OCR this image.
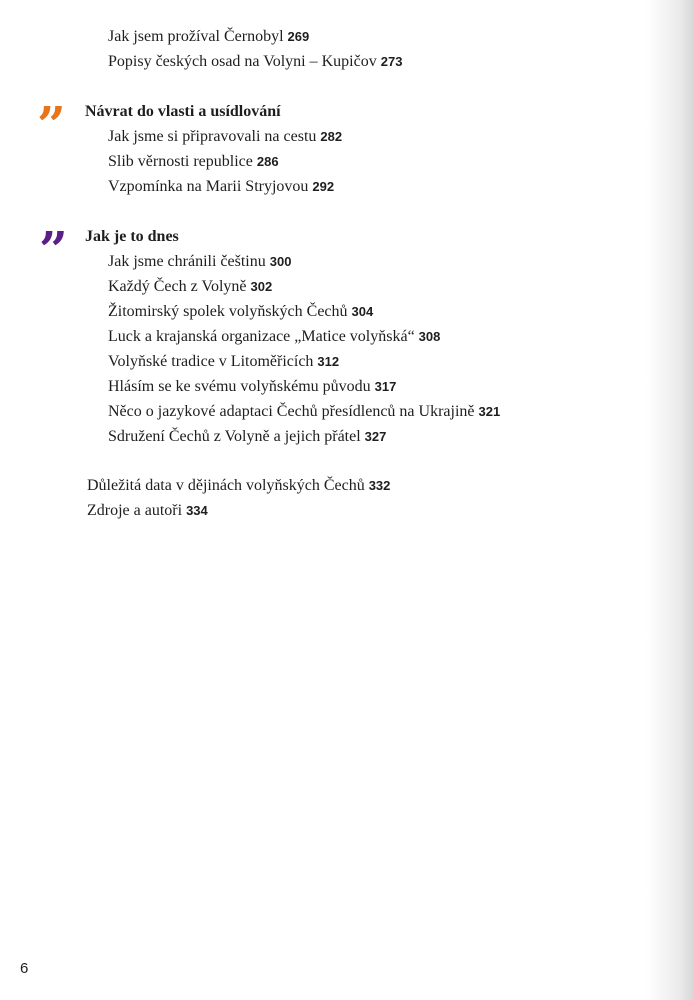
Jak jsem prožíval Černobyl 269
Popisy českých osad na Volyni – Kupičov 273
” Návrat do vlasti a usídlování
Jak jsme si připravovali na cestu 282
Slib věrnosti republice 286
Vzpomínka na Marii Stryjovou 292
” Jak je to dnes
Jak jsme chránili češtinu 300
Každý Čech z Volyně 302
Žitomirský spolek volyňských Čechů 304
Luck a krajanská organizace „Matice volyňská“ 308
Volyňské tradice v Litoměřicích 312
Hlásím se ke svému volyňskému původu 317
Něco o jazykové adaptaci Čechů přesídlenců na Ukrajině 321
Sdružení Čechů z Volyně a jejich přátel 327
Důležitá data v dějinách volyňských Čechů 332
Zdroje a autoři 334
6
